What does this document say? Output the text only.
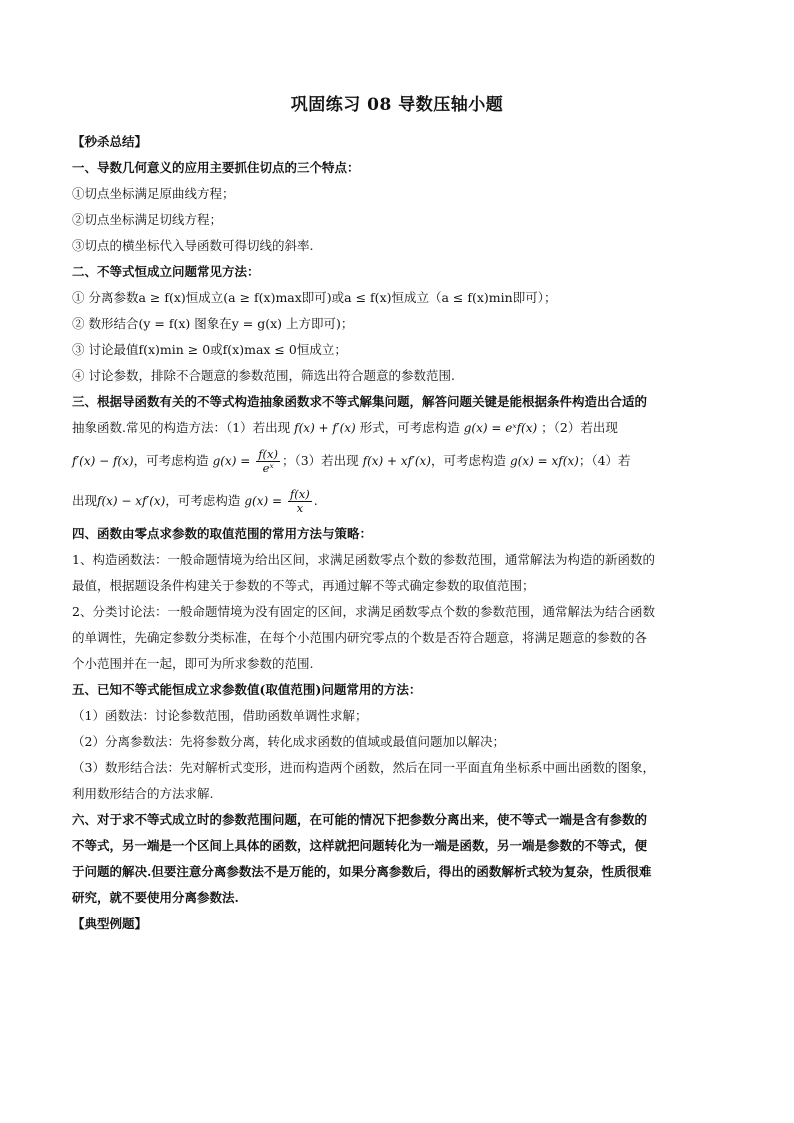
巩固练习 08 导数压轴小题

【秒杀总结】

一、导数几何意义的应用主要抓住切点的三个特点：

①切点坐标满足原曲线方程；

②切点坐标满足切线方程；

③切点的横坐标代入导函数可得切线的斜率.

二、不等式恒成立问题常见方法：

① 分离参数a ≥ f(x)恒成立(a ≥ f(x)max即可)或a ≤ f(x)恒成立（a ≤ f(x)min即可）；

② 数形结合(y = f(x) 图象在y = g(x) 上方即可)；

③ 讨论最值f(x)min ≥ 0或f(x)max ≤ 0恒成立；

④ 讨论参数，排除不合题意的参数范围，筛选出符合题意的参数范围.

三、根据导函数有关的不等式构造抽象函数求不等式解集问题，解答问题关键是能根据条件构造出合适的

抽象函数.常见的构造方法：（1）若出现 f(x) + f′(x) 形式，可考虑构造 g(x) = eˣf(x) ；（2）若出现

f′(x) − f(x)，可考虑构造 $g(x) = \frac{f(x)}{\text{eˣ}}$ ；（3）若出现 f(x) + xf′(x)，可考虑构造 g(x) = xf(x)；（4）若

出现f(x) − xf′(x)，可考虑构造 $g(x) = \frac{f(x)}{x}$ .

四、函数由零点求参数的取值范围的常用方法与策略：

1、构造函数法：一般命题情境为给出区间，求满足函数零点个数的参数范围，通常解法为构造的新函数的

最值，根据题设条件构建关于参数的不等式，再通过解不等式确定参数的取值范围；

2、分类讨论法：一般命题情境为没有固定的区间，求满足函数零点个数的参数范围，通常解法为结合函数

的单调性，先确定参数分类标准，在每个小范围内研究零点的个数是否符合题意，将满足题意的参数的各

个小范围并在一起，即可为所求参数的范围.

五、已知不等式能恒成立求参数值(取值范围)问题常用的方法：

（1）函数法：讨论参数范围，借助函数单调性求解；

（2）分离参数法：先将参数分离，转化成求函数的值域或最值问题加以解决；

（3）数形结合法：先对解析式变形，进而构造两个函数，然后在同一平面直角坐标系中画出函数的图象，

利用数形结合的方法求解.

六、对于求不等式成立时的参数范围问题，在可能的情况下把参数分离出来，使不等式一端是含有参数的

不等式，另一端是一个区间上具体的函数，这样就把问题转化为一端是函数，另一端是参数的不等式，便

于问题的解决.但要注意分离参数法不是万能的，如果分离参数后，得出的函数解析式较为复杂，性质很难

研究，就不要使用分离参数法.

【典型例题】
